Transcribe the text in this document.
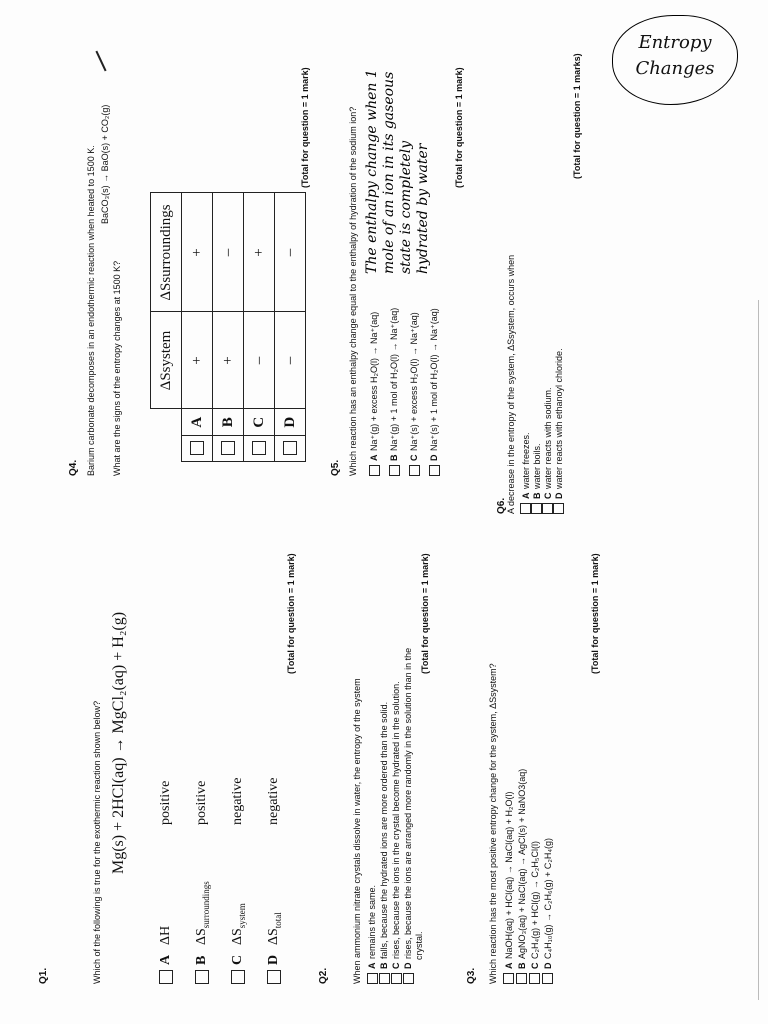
Q1.	Which of the following is true for the exothermic reaction shown below? Mg(s) + 2HCl(aq) → MgCl₂(aq) + H₂(g)
A
ΔH
positive
B
$\Delta S_{surroundings}$
positive
C
$\Delta S_{system}$
negative
D
$\Delta S_{total}$
negative
(Total for question = 1 mark)
Q2.	When ammonium nitrate crystals dissolve in water, the entropy of the system A
remains the same.
B
falls, because the hydrated ions are more ordered than the solid.
C
rises, because the ions in the crystal become hydrated in the solution.
D
rises, because the ions are arranged more randomly in the solution than in the crystal.
(Total for question = 1 mark)
Q3. Which reaction has the most positive entropy change for the system, ΔSsystem? A
NaOH(aq) + HCl(aq) → NaCl(aq) + H₂O(l)
B
AgNO₃(aq) + NaCl(aq) → AgCl(s) + NaNO3(aq)
C
C₂H₄(g) + HCl(g) → C₂H₅Cl(l)
D
C₄H₁₀(g) → C₂H₆(g) + C₂H₄(g)
(Total for question = 1 mark)
Q4. Barium carbonate decomposes in an endothermic reaction when heated to 1500 K. BaCO₃(s) → BaO(s) + CO₂(g)
What are the signs of the entropy changes at 1500 K?
		ΔSsystem	ΔSsurroundings
	A	+	+
	B	+	–
	C	–	+
	D	–	–
(Total for question = 1 mark)
Q5. Which reaction has an enthalpy change equal to the enthalpy of hydration of the sodium ion? A
Na⁺(g) + excess H₂O(l) → Na⁺(aq)
B
Na⁺(g) + 1 mol of H₂O(l) → Na⁺(aq)
C
Na⁺(s) + excess H₂O(l) → Na⁺(aq)
D
Na⁺(s) + 1 mol of H₂O(l) → Na⁺(aq)
The enthalpy change when 1 mole of an ion in its gaseous state is completely hydrated by water
(Total for question = 1 mark)
Q6. A decrease in the entropy of the system, ΔSsystem, occurs when A
water freezes.
B
water boils.
C
water reacts with sodium.
D
water reacts with ethanoyl chloride.
(Total for question = 1 marks)
Entropy
Changes
